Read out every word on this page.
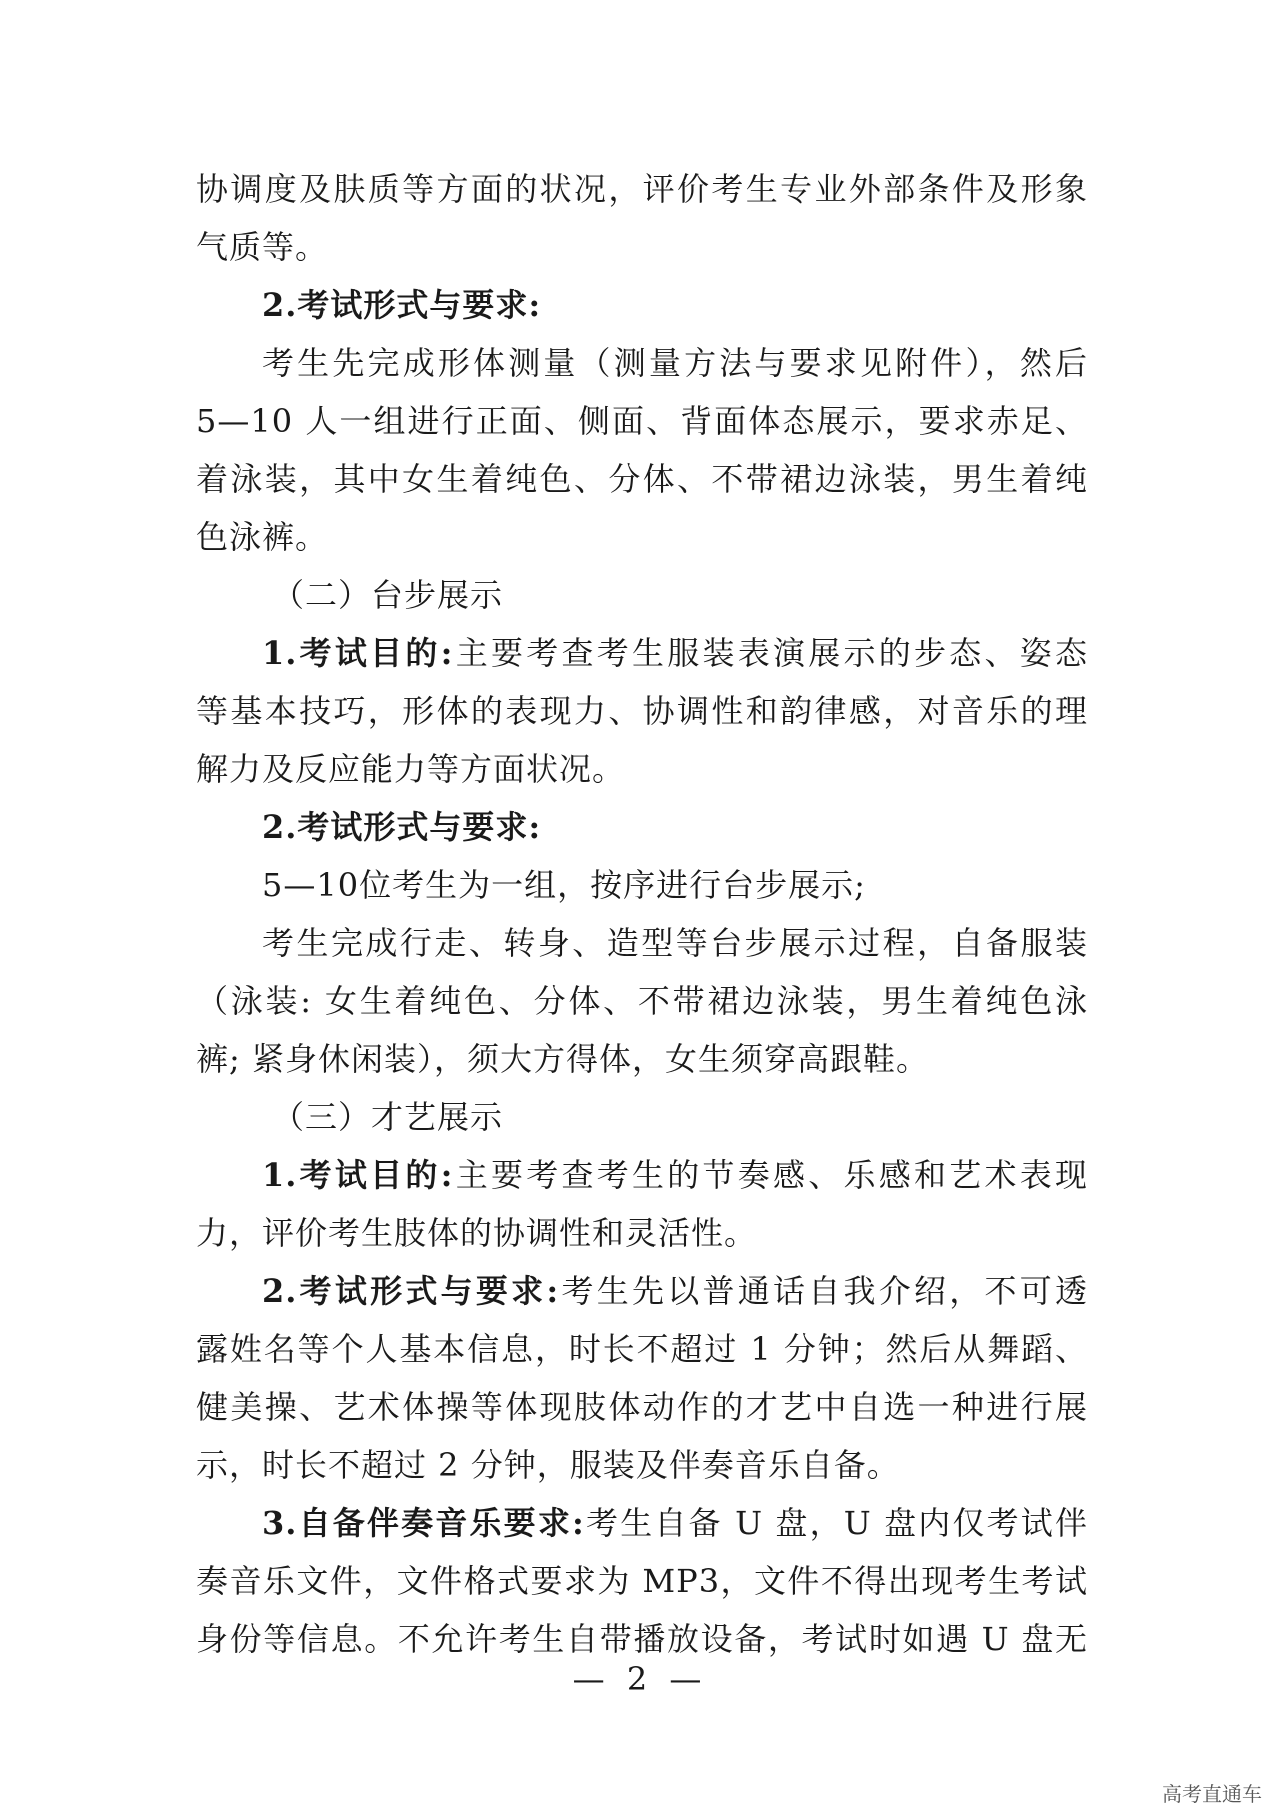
协调度及肤质等方面的状况，评价考生专业外部条件及形象
气质等。
2.考试形式与要求:
考生先完成形体测量（测量方法与要求见附件），然后
5—10 人一组进行正面、侧面、背面体态展示，要求赤足、
着泳装，其中女生着纯色、分体、不带裙边泳装，男生着纯
色泳裤。
（二）台步展示
1.考试目的:主要考查考生服装表演展示的步态、姿态
等基本技巧，形体的表现力、协调性和韵律感，对音乐的理
解力及反应能力等方面状况。
2.考试形式与要求:
5—10位考生为一组，按序进行台步展示;
考生完成行走、转身、造型等台步展示过程，自备服装
（泳装: 女生着纯色、分体、不带裙边泳装，男生着纯色泳
裤; 紧身休闲装），须大方得体，女生须穿高跟鞋。
（三）才艺展示
1.考试目的:主要考查考生的节奏感、乐感和艺术表现
力，评价考生肢体的协调性和灵活性。
2.考试形式与要求:考生先以普通话自我介绍，不可透
露姓名等个人基本信息，时长不超过 1 分钟；然后从舞蹈、
健美操、艺术体操等体现肢体动作的才艺中自选一种进行展
示，时长不超过 2 分钟，服装及伴奏音乐自备。
3.自备伴奏音乐要求:考生自备 U 盘，U 盘内仅考试伴
奏音乐文件，文件格式要求为 MP3，文件不得出现考生考试
身份等信息。不允许考生自带播放设备，考试时如遇 U 盘无
— 2 —
高考直通车
